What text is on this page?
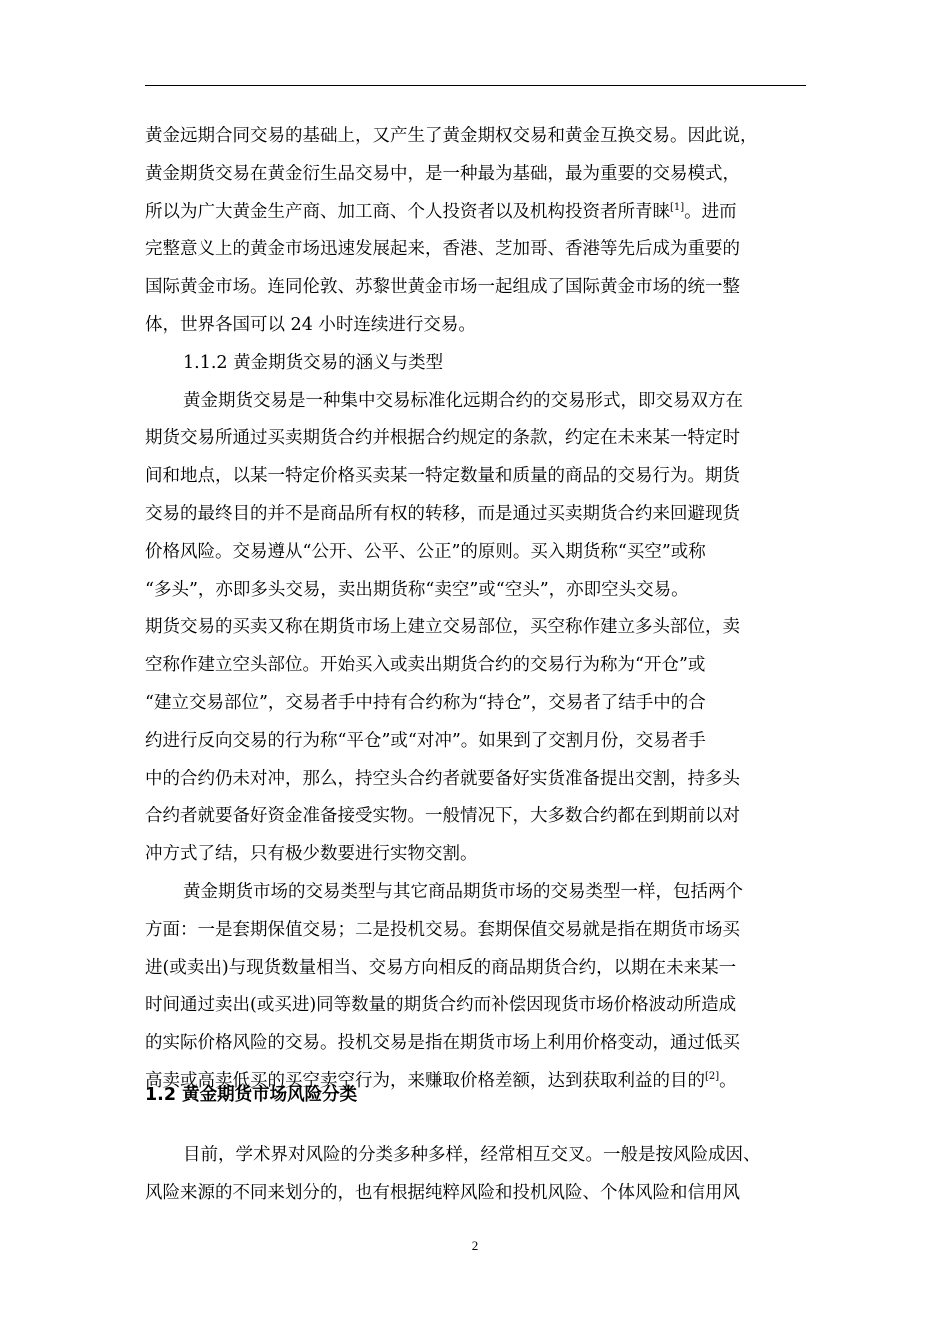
黄金远期合同交易的基础上，又产生了黄金期权交易和黄金互换交易。因此说，
黄金期货交易在黄金衍生品交易中，是一种最为基础，最为重要的交易模式，
所以为广大黄金生产商、加工商、个人投资者以及机构投资者所青睐[1]。进而
完整意义上的黄金市场迅速发展起来，香港、芝加哥、香港等先后成为重要的
国际黄金市场。连同伦敦、苏黎世黄金市场一起组成了国际黄金市场的统一整
体，世界各国可以 24 小时连续进行交易。
1.1.2 黄金期货交易的涵义与类型
黄金期货交易是一种集中交易标准化远期合约的交易形式，即交易双方在
期货交易所通过买卖期货合约并根据合约规定的条款，约定在未来某一特定时
间和地点，以某一特定价格买卖某一特定数量和质量的商品的交易行为。期货
交易的最终目的并不是商品所有权的转移，而是通过买卖期货合约来回避现货
价格风险。交易遵从“公开、公平、公正”的原则。买入期货称“买空”或称
“多头”，亦即多头交易，卖出期货称“卖空”或“空头”，亦即空头交易。
期货交易的买卖又称在期货市场上建立交易部位，买空称作建立多头部位，卖
空称作建立空头部位。开始买入或卖出期货合约的交易行为称为“开仓”或
“建立交易部位”，交易者手中持有合约称为“持仓”，交易者了结手中的合
约进行反向交易的行为称“平仓”或“对冲”。如果到了交割月份，交易者手
中的合约仍未对冲，那么，持空头合约者就要备好实货准备提出交割，持多头
合约者就要备好资金准备接受实物。一般情况下，大多数合约都在到期前以对
冲方式了结，只有极少数要进行实物交割。
黄金期货市场的交易类型与其它商品期货市场的交易类型一样，包括两个
方面：一是套期保值交易；二是投机交易。套期保值交易就是指在期货市场买
进(或卖出)与现货数量相当、交易方向相反的商品期货合约，以期在未来某一
时间通过卖出(或买进)同等数量的期货合约而补偿因现货市场价格波动所造成
的实际价格风险的交易。投机交易是指在期货市场上利用价格变动，通过低买
高卖或高卖低买的买空卖空行为，来赚取价格差额，达到获取利益的目的[2]。
1.2 黄金期货市场风险分类
目前，学术界对风险的分类多种多样，经常相互交叉。一般是按风险成因、
风险来源的不同来划分的，也有根据纯粹风险和投机风险、个体风险和信用风
2
